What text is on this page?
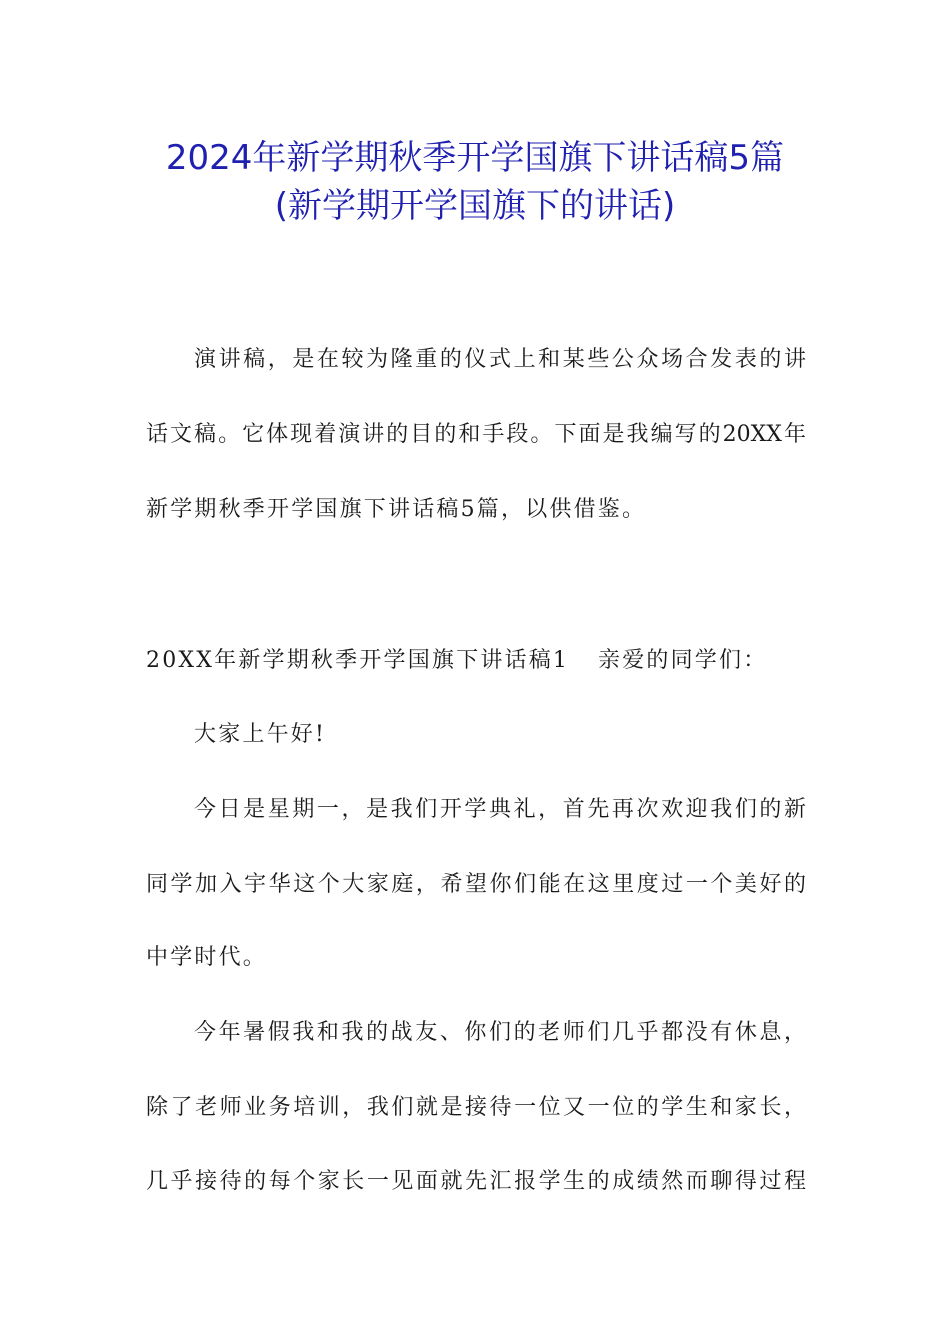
2024年新学期秋季开学国旗下讲话稿5篇
(新学期开学国旗下的讲话)
演讲稿，是在较为隆重的仪式上和某些公众场合发表的讲
话文稿。它体现着演讲的目的和手段。下面是我编写的20XX年
新学期秋季开学国旗下讲话稿5篇，以供借鉴。
20XX年新学期秋季开学国旗下讲话稿1 亲爱的同学们：
大家上午好!
今日是星期一，是我们开学典礼，首先再次欢迎我们的新
同学加入宇华这个大家庭，希望你们能在这里度过一个美好的
中学时代。
今年暑假我和我的战友、你们的老师们几乎都没有休息，
除了老师业务培训，我们就是接待一位又一位的学生和家长，
几乎接待的每个家长一见面就先汇报学生的成绩然而聊得过程
